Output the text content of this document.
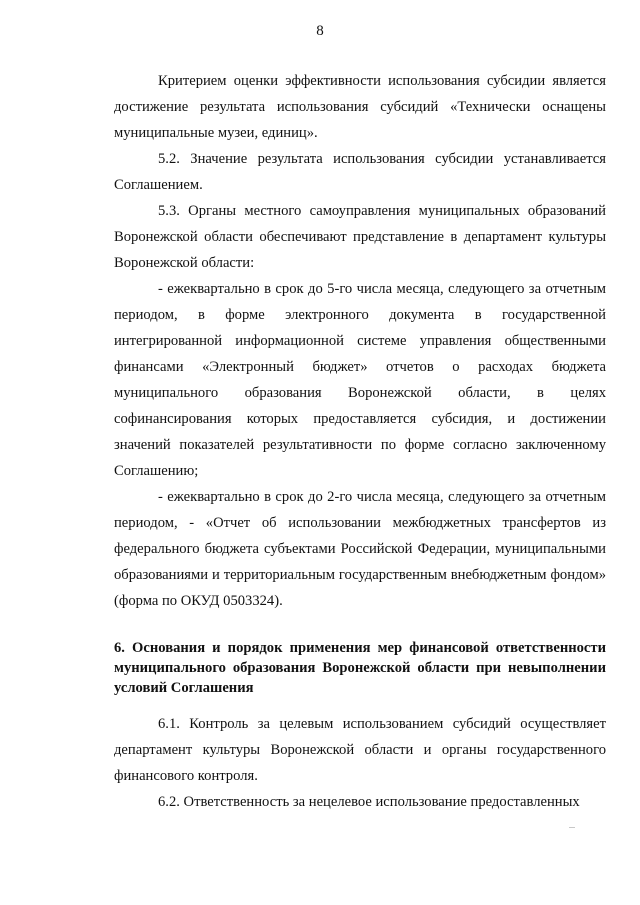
8

Критерием оценки эффективности использования субсидии является достижение результата использования субсидий «Технически оснащены муниципальные музеи, единиц».

5.2. Значение результата использования субсидии устанавливается Соглашением.

5.3. Органы местного самоуправления муниципальных образований Воронежской области обеспечивают представление в департамент культуры Воронежской области:

- ежеквартально в срок до 5-го числа месяца, следующего за отчетным периодом, в форме электронного документа в государственной интегрированной информационной системе управления общественными финансами «Электронный бюджет» отчетов о расходах бюджета муниципального образования Воронежской области, в целях софинансирования которых предоставляется субсидия, и достижении значений показателей результативности по форме согласно заключенному Соглашению;

- ежеквартально в срок до 2-го числа месяца, следующего за отчетным периодом, - «Отчет об использовании межбюджетных трансфертов из федерального бюджета субъектами Российской Федерации, муниципальными образованиями и территориальным государственным внебюджетным фондом» (форма по ОКУД 0503324).

6. Основания и порядок применения мер финансовой ответственности муниципального образования Воронежской области при невыполнении условий Соглашения

6.1. Контроль за целевым использованием субсидий осуществляет департамент культуры Воронежской области и органы государственного финансового контроля.

6.2. Ответственность за нецелевое использование предоставленных
